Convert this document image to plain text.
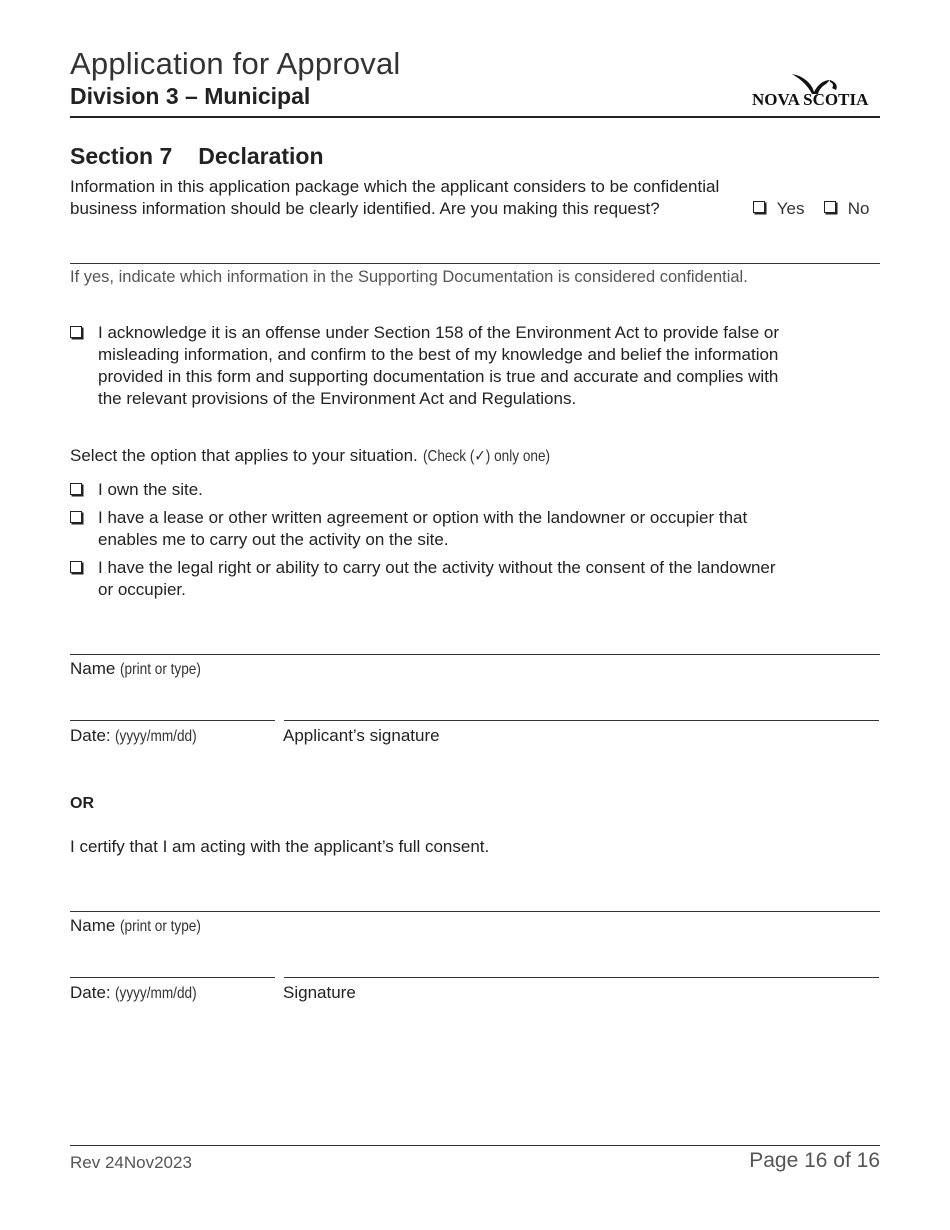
Application for Approval
Division 3 – Municipal	NOVA SCOTIA
Section 7 Declaration
Information in this application package which the applicant considers to be confidential
business information should be clearly identified. Are you making this request?	Yes	No
If yes, indicate which information in the Supporting Documentation is considered confidential.
I acknowledge it is an offense under Section 158 of the Environment Act to provide false or
misleading information, and confirm to the best of my knowledge and belief the information
provided in this form and supporting documentation is true and accurate and complies with
the relevant provisions of the Environment Act and Regulations.
Select the option that applies to your situation. (Check (✓) only one)
I own the site.
I have a lease or other written agreement or option with the landowner or occupier that
enables me to carry out the activity on the site.
I have the legal right or ability to carry out the activity without the consent of the landowner
or occupier.
Name (print or type)
Date: (yyyy/mm/dd)	Applicant’s signature
OR
I certify that I am acting with the applicant’s full consent.
Name (print or type)
Date: (yyyy/mm/dd)	Signature
Rev 24Nov2023	Page 16 of 16
